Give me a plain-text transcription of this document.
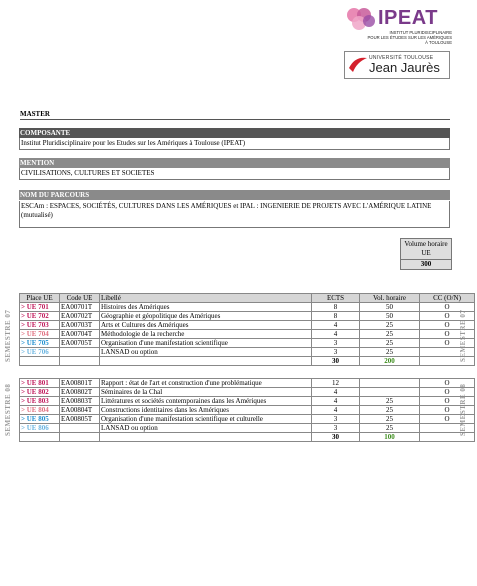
IPEAT
INSTITUT PLURIDISCIPLINAIRE
POUR LES ÉTUDES SUR LES AMÉRIQUES
À TOULOUSE
UNIVERSITÉ TOULOUSE
Jean Jaurès
MASTER
COMPOSANTE
Institut Pluridisciplinaire pour les Etudes sur les Amériques à Toulouse (IPEAT)
MENTION
CIVILISATIONS, CULTURES ET SOCIETES
NOM DU PARCOURS
ESCAm : ESPACES, SOCIÉTÉS, CULTURES DANS LES AMÉRIQUES et IPAL : INGENIERIE DE PROJETS AVEC L'AMÉRIQUE LATINE (mutualisé)
Volume horaire UE
300
SEMESTRE 07	SEMESTRE 07
SEMESTRE 08	SEMESTRE 08
Place UE	Code UE	Libellé	ECTS	Vol. horaire	CC (O/N)
> UE 701	EA00701T	Histoires des Amériques	8	50	O
> UE 702	EA00702T	Géographie et géopolitique des Amériques	8	50	O
> UE 703	EA00703T	Arts et Cultures des Amériques	4	25	O
> UE 704	EA00704T	Méthodologie de la recherche	4	25	O
> UE 705	EA00705T	Organisation d'une manifestation scientifique	3	25	O
> UE 706		LANSAD ou option	3	25	
			30	200	
> UE 801	EA00801T	Rapport : état de l'art et construction d'une problématique	12		O
> UE 802	EA00802T	Séminaires de la Chal	4		O
> UE 803	EA00803T	Littératures et sociétés contemporaines dans les Amériques	4	25	O
> UE 804	EA00804T	Constructions identitaires dans les Amériques	4	25	O
> UE 805	EA00805T	Organisation d'une manifestation scientifique et culturelle	3	25	O
> UE 806		LANSAD ou option	3	25	
			30	100	
